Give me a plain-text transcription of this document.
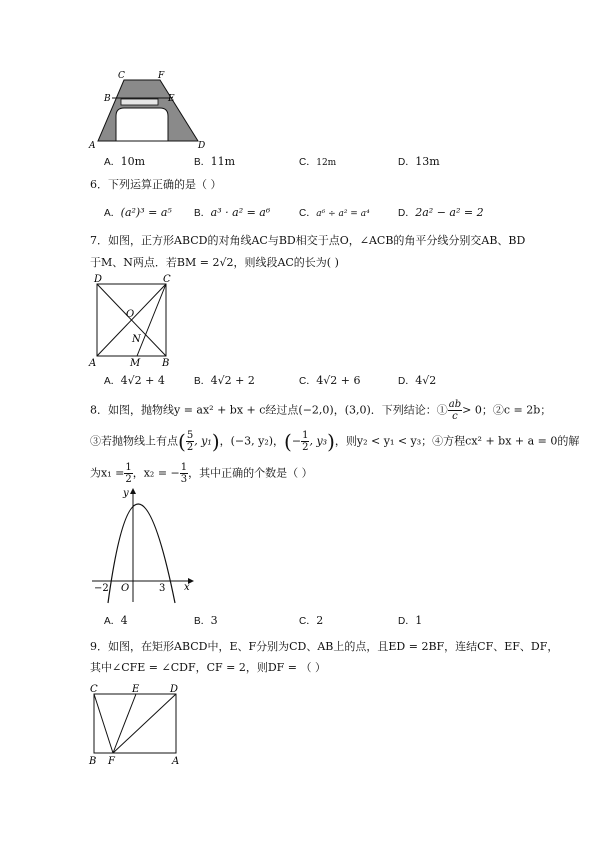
C	F
B	E
A	D
A．10m	B．11m	C．12m	D．13m
6．下列运算正确的是（ ）
A．(a²)³ = a⁵ B．a³ · a² = a⁶	C．a⁶ ÷ a² = a⁴	D．2a² − a² = 2
7．如图，正方形ABCD的对角线AC与BD相交于点O，∠ACB的角平分线分别交AB、BD
于M、N两点．若BM = 2√2，则线段AC的长为( )
D	C
O
N
A	M B
A．4√2 + 4	B．4√2 + 2	C．4√2 + 6	D．4√2
8．如图，抛物线y = ax² + bx + c经过点(−2,0)，(3,0)．下列结论：① $\frac{ab}{c} > 0$；②c = 2b；
③若抛物线上有点( $\frac{5}{2}$ , y₁)，(−3, y₂)，(− $\frac{1}{2}$ , y₃)，则y₂ < y₁ < y₃；④方程cx² + bx + a = 0的解
为$x_1 = \frac{1}{2}$ ，x₂ = − $\frac{1}{3}$ ，其中正确的个数是（ ）
y
x
−2 O	3
A．4	B．3	C．2	D．1
9．如图，在矩形ABCD中，E、F分别为CD、AB上的点，且ED = 2BF，连结CF、EF、DF，
其中∠CFE = ∠CDF，CF = 2，则DF = （ ）
C	E	D
B F	A
